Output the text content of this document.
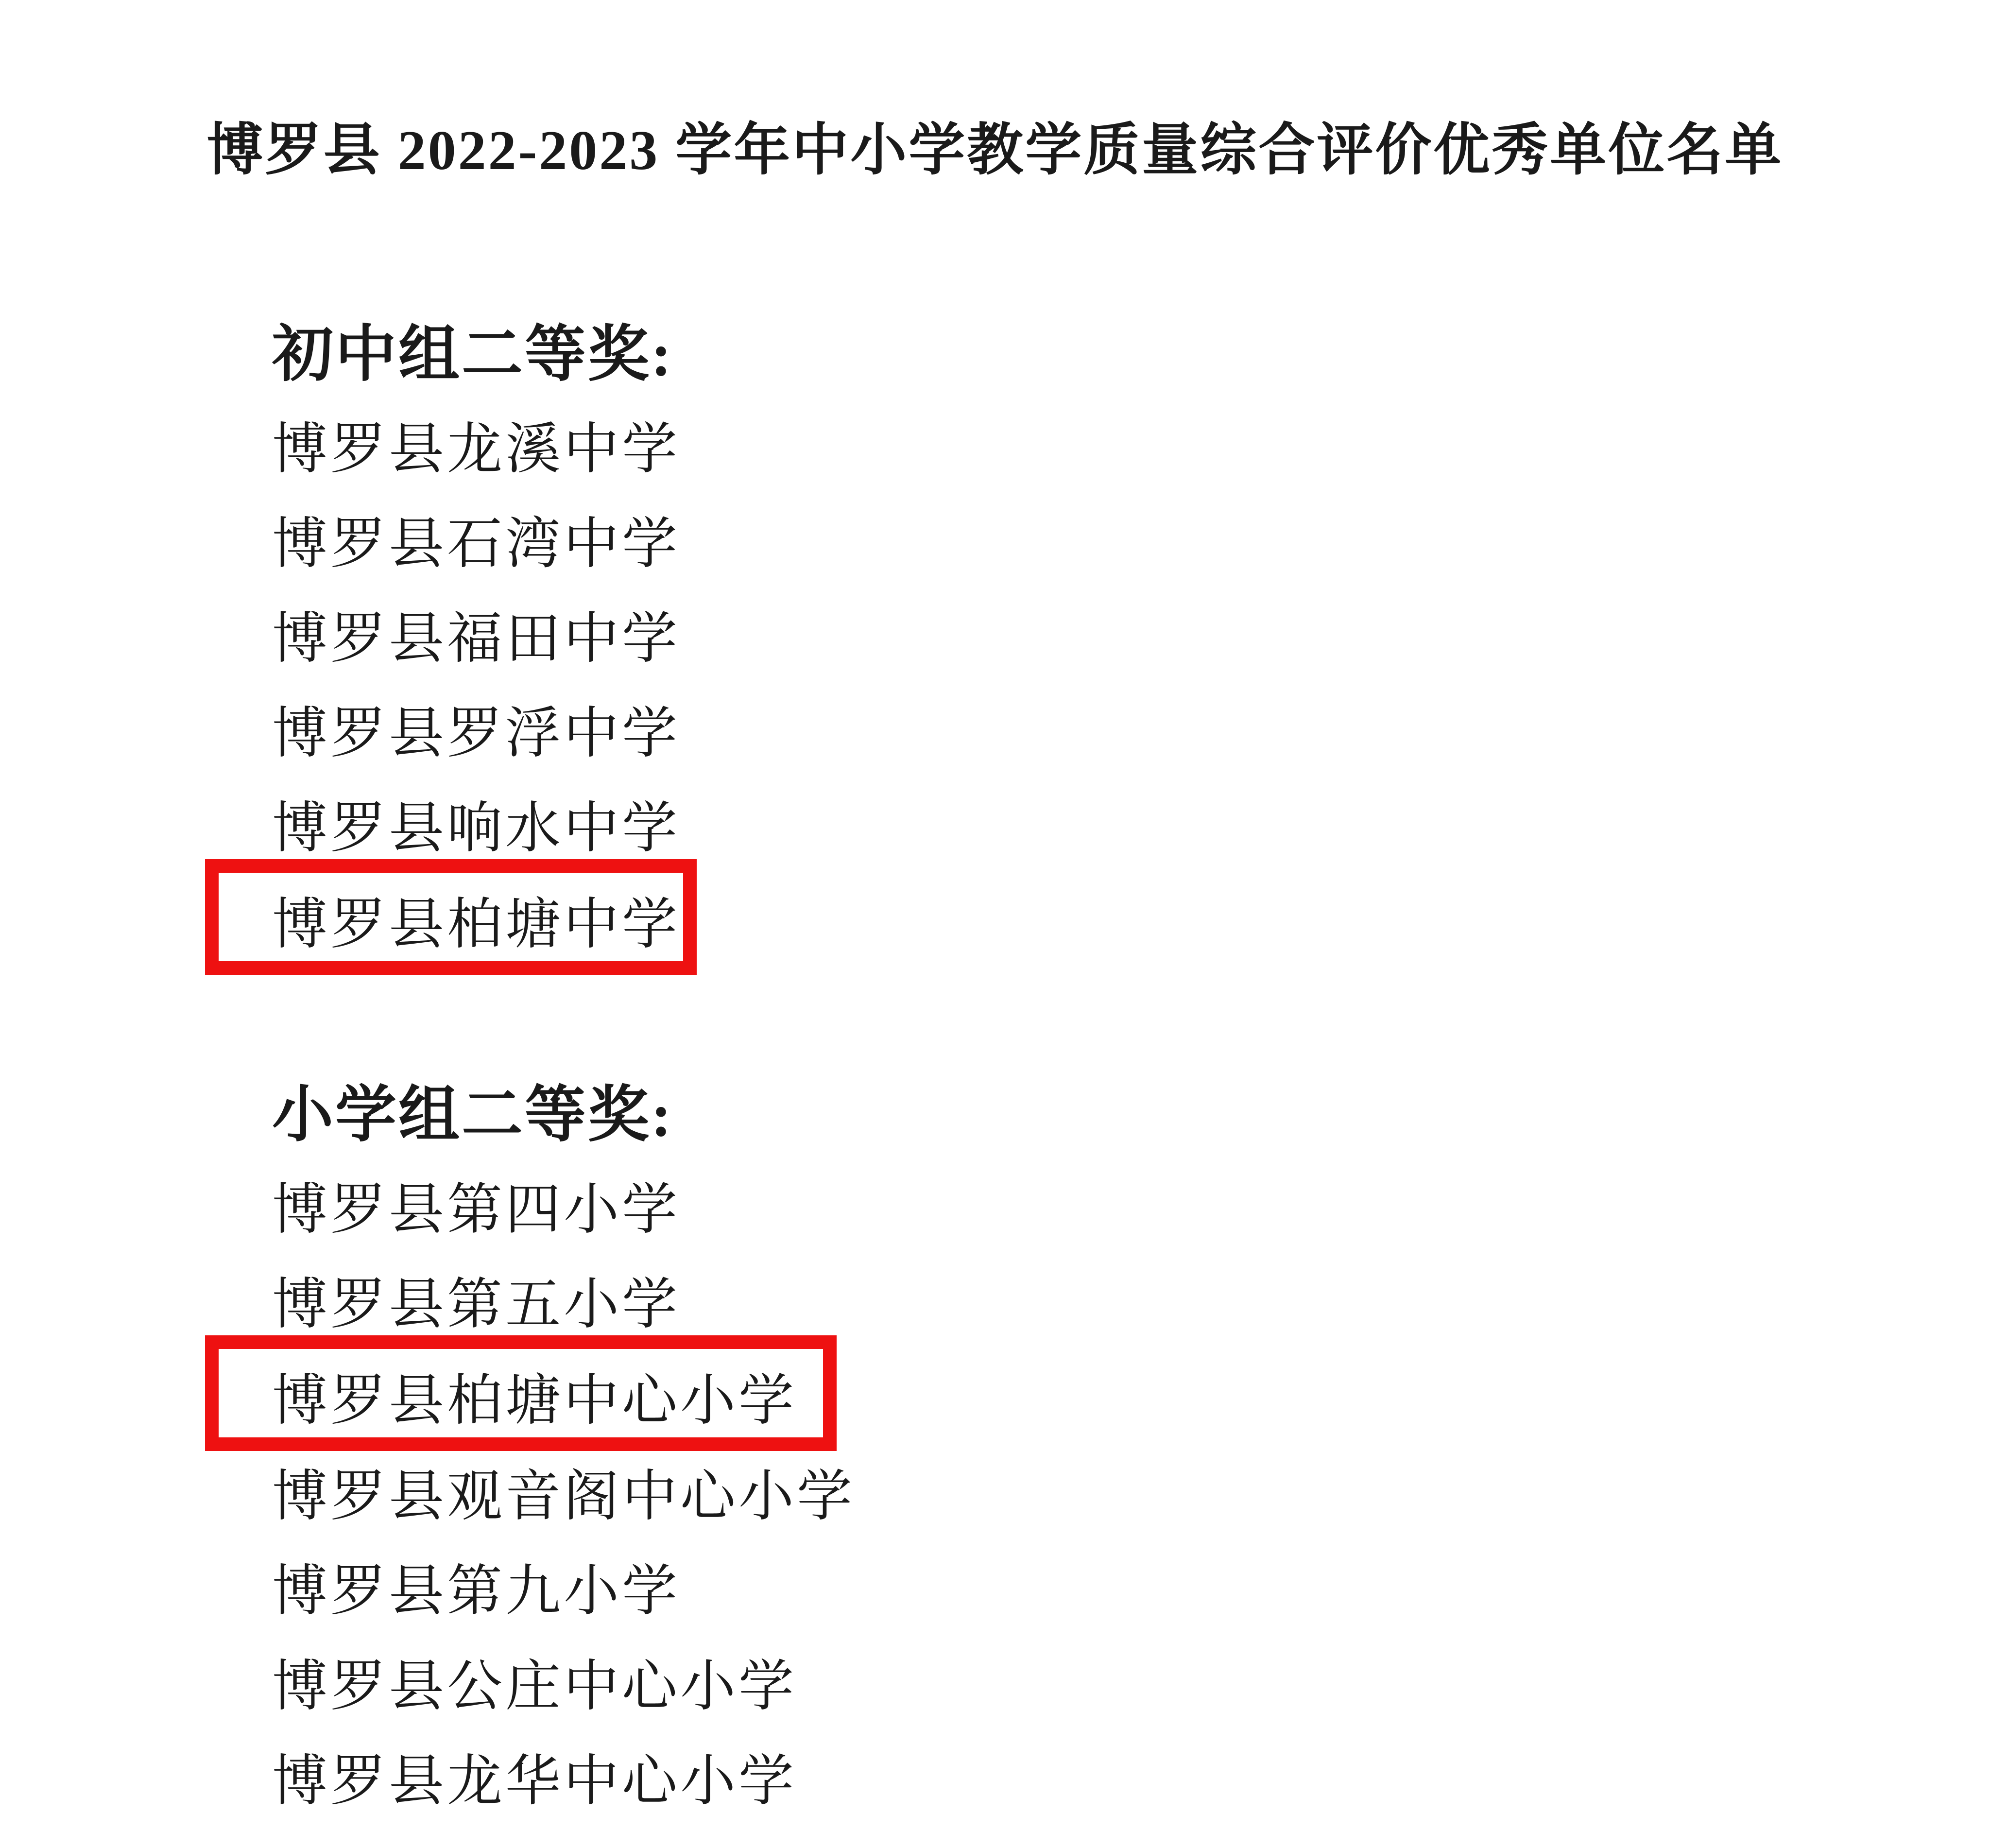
博罗县 2022-2023 学年中小学教学质量综合评价优秀单位名单
初中组二等奖:
博罗县龙溪中学
博罗县石湾中学
博罗县福田中学
博罗县罗浮中学
博罗县响水中学
博罗县柏塘中学
小学组二等奖:
博罗县第四小学
博罗县第五小学
博罗县柏塘中心小学
博罗县观音阁中心小学
博罗县第九小学
博罗县公庄中心小学
博罗县龙华中心小学
